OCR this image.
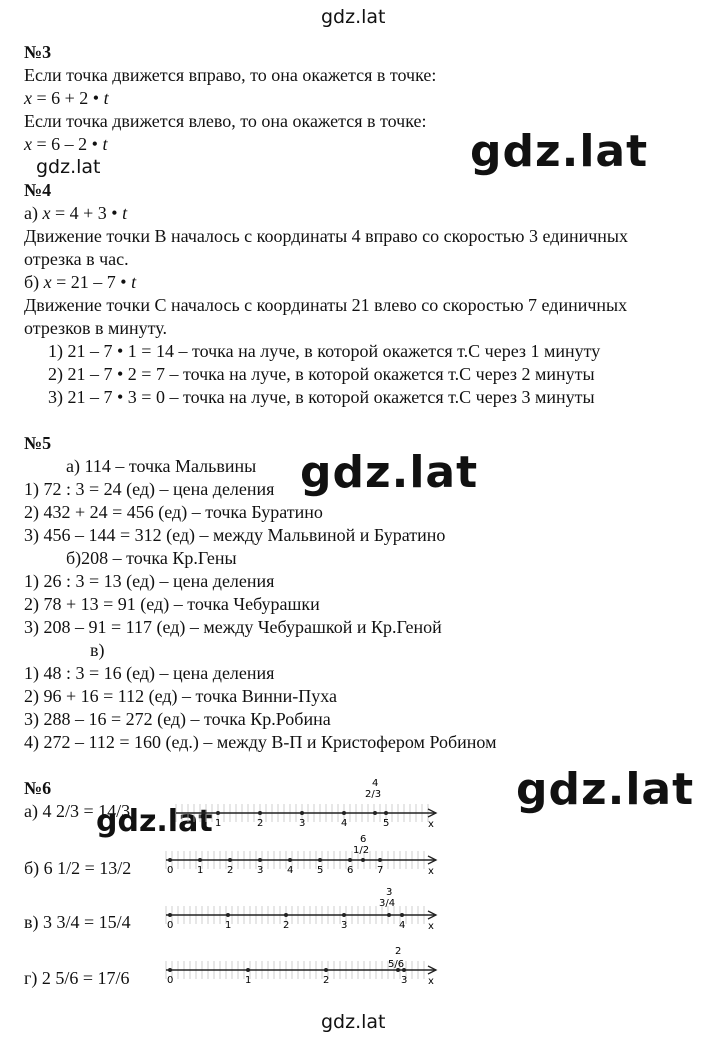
gdz.lat
gdz.lat	gdz.lat
gdz.lat
gdz.lat
gdz.lat
gdz.lat
№3
Если точка движется вправо, то она окажется в точке:
x = 6 + 2 • t
Если точка движется влево, то она окажется в точке:
x = 6 – 2 • t
№4
а) x = 4 + 3 • t
Движение точки В началось с координаты 4 вправо со скоростью 3 единичных
отрезка в час.
б) x = 21 – 7 • t
Движение точки С началось с координаты 21 влево со скоростью 7 единичных
отрезков в минуту.
1) 21 – 7 • 1 = 14 – точка на луче, в которой окажется т.С через 1 минуту
2) 21 – 7 • 2 = 7 – точка на луче, в которой окажется т.С через 2 минуты
3) 21 – 7 • 3 = 0 – точка на луче, в которой окажется т.С через 3 минуты
№5
а) 114 – точка Мальвины
1) 72 : 3 = 24 (ед) – цена деления
2) 432 + 24 = 456 (ед) – точка Буратино
3) 456 – 144 = 312 (ед) – между Мальвиной и Буратино
б)208 – точка Кр.Гены
1) 26 : 3 = 13 (ед) – цена деления
2) 78 + 13 = 91 (ед) – точка Чебурашки
3) 208 – 91 = 117 (ед) – между Чебурашкой и Кр.Геной
в)
1) 48 : 3 = 16 (ед) – цена деления
2) 96 + 16 = 112 (ед) – точка Винни-Пуха
3) 288 – 16 = 272 (ед) – точка Кр.Робина
4) 272 – 112 = 160 (ед.) – между В-П и Кристофером Робином
№6
а) 4 2/3 = 14/3
б) 6 1/2 = 13/2
в) 3 3/4 = 15/4
г) 2 5/6 = 17/6
x
1	2	3	4	5
4
2/3
x
0 1 2 3 4 5 6 7
6
1/2
x
0	1	2	3	4
3
3/4
x
0	1	2	3
2
5/6
